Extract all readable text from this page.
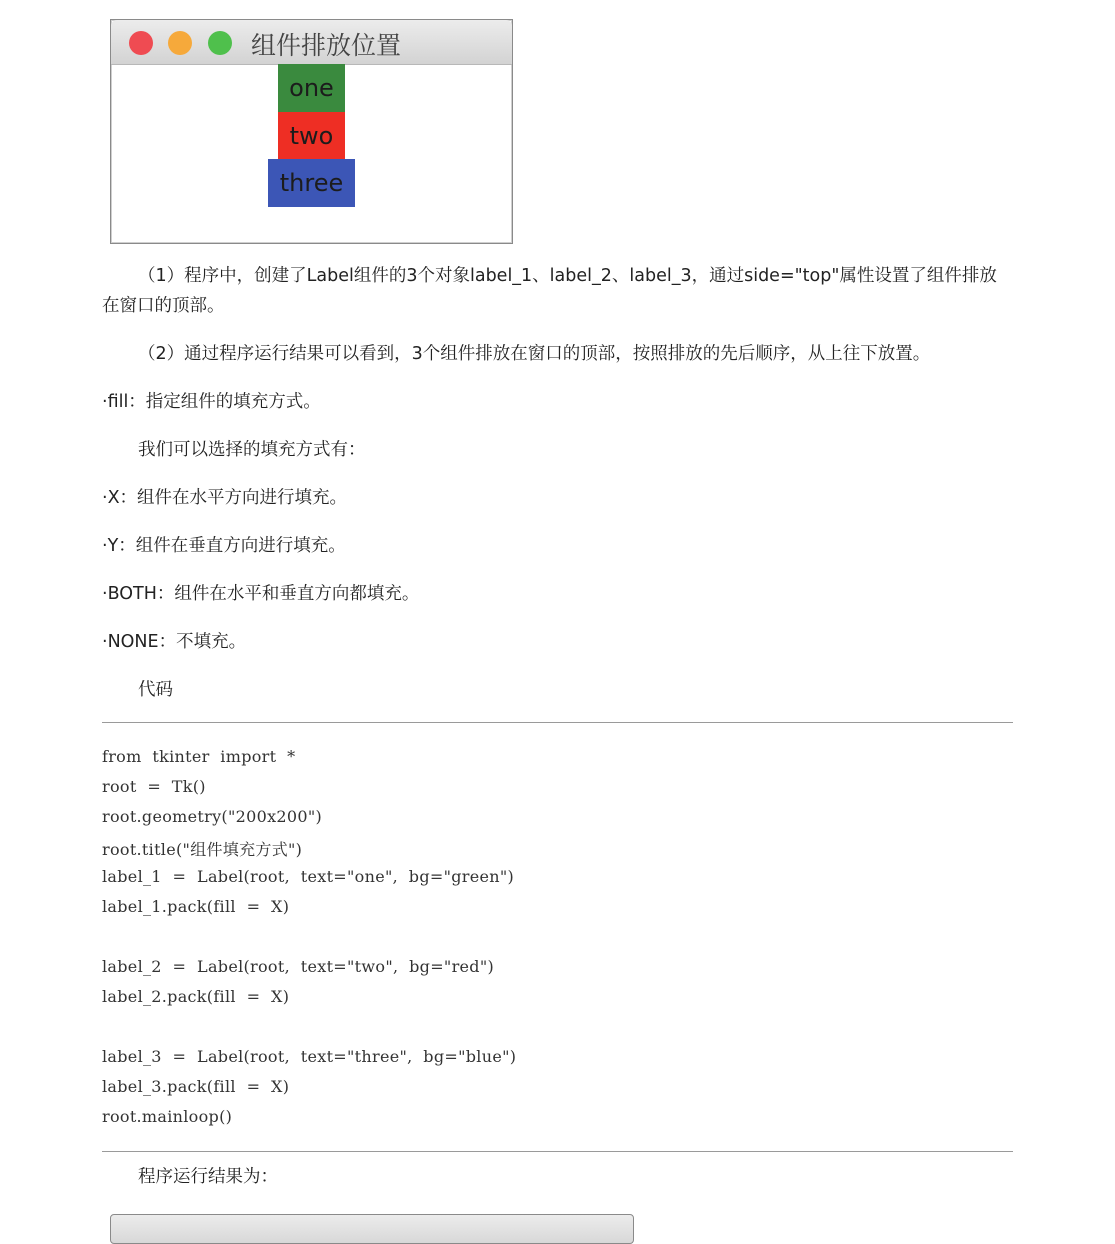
组件排放位置
one
two
three

（1）程序中，创建了Label组件的3个对象label_1、label_2、label_3，通过side="top"属性设置了组件排放在窗口的顶部。

（2）通过程序运行结果可以看到，3个组件排放在窗口的顶部，按照排放的先后顺序，从上往下放置。

·fill：指定组件的填充方式。

我们可以选择的填充方式有：

·X：组件在水平方向进行填充。

·Y：组件在垂直方向进行填充。

·BOTH：组件在水平和垂直方向都填充。

·NONE：不填充。

代码

from  tkinter  import  *
root  =  Tk()
root.geometry("200x200")
root.title("组件填充方式")
label_1  =  Label(root,  text="one",  bg="green")
label_1.pack(fill  =  X)
label_2  =  Label(root,  text="two",  bg="red")
label_2.pack(fill  =  X)
label_3  =  Label(root,  text="three",  bg="blue")
label_3.pack(fill  =  X)
root.mainloop()

程序运行结果为：
